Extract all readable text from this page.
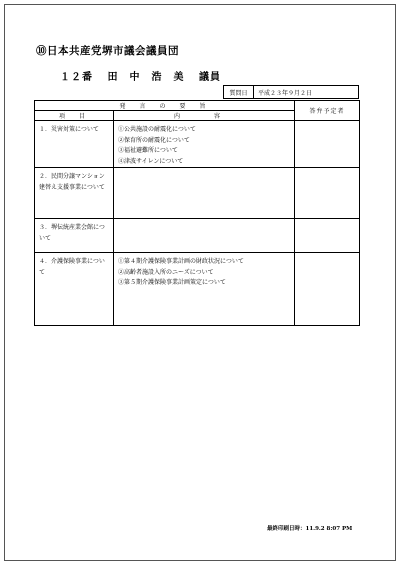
⑩日本共産党堺市議会議員団
１２番 田　中　浩　美 議員
質問日	平成２３年９月２日
発　言　の　要　旨		答弁予定者
項　目	内　容	

１．災害対策について	①公共施設の耐震化について
②保育所の耐震化について
③福祉避難所について
④津波サイレンについて	

２．民間分譲マンション建替え支援事業について		

３．堺伝統産業会館について		

４．介護保険事業について	①第４期介護保険事業計画の財政状況について
②高齢者施設入所のニーズについて
③第５期介護保険事業計画策定について	

最終印刷日時：11.9.2 8:07 PM
